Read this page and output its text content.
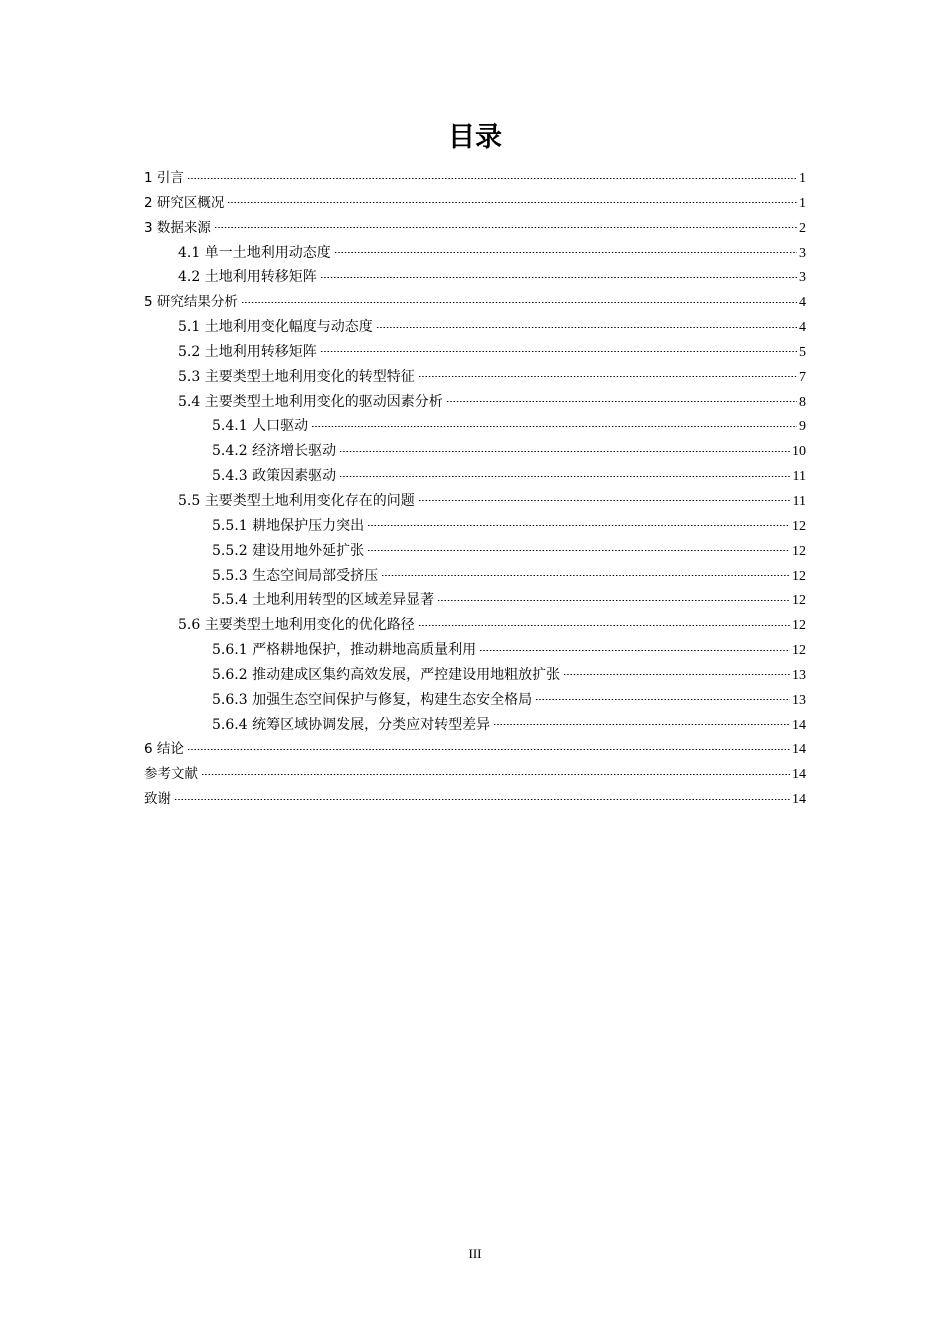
目录
1 引言	1
2 研究区概况	1
3 数据来源	2
4.1 单一土地利用动态度	3
4.2 土地利用转移矩阵	3
5 研究结果分析	4
5.1 土地利用变化幅度与动态度	4
5.2 土地利用转移矩阵	5
5.3 主要类型土地利用变化的转型特征	7
5.4 主要类型土地利用变化的驱动因素分析	8
5.4.1 人口驱动	9
5.4.2 经济增长驱动	10
5.4.3 政策因素驱动	11
5.5 主要类型土地利用变化存在的问题	11
5.5.1 耕地保护压力突出	12
5.5.2 建设用地外延扩张	12
5.5.3 生态空间局部受挤压	12
5.5.4 土地利用转型的区域差异显著	12
5.6 主要类型土地利用变化的优化路径	12
5.6.1 严格耕地保护，推动耕地高质量利用	12
5.6.2 推动建成区集约高效发展，严控建设用地粗放扩张	13
5.6.3 加强生态空间保护与修复，构建生态安全格局	13
5.6.4 统筹区域协调发展，分类应对转型差异	14
6 结论	14
参考文献	14
致谢	14
III
